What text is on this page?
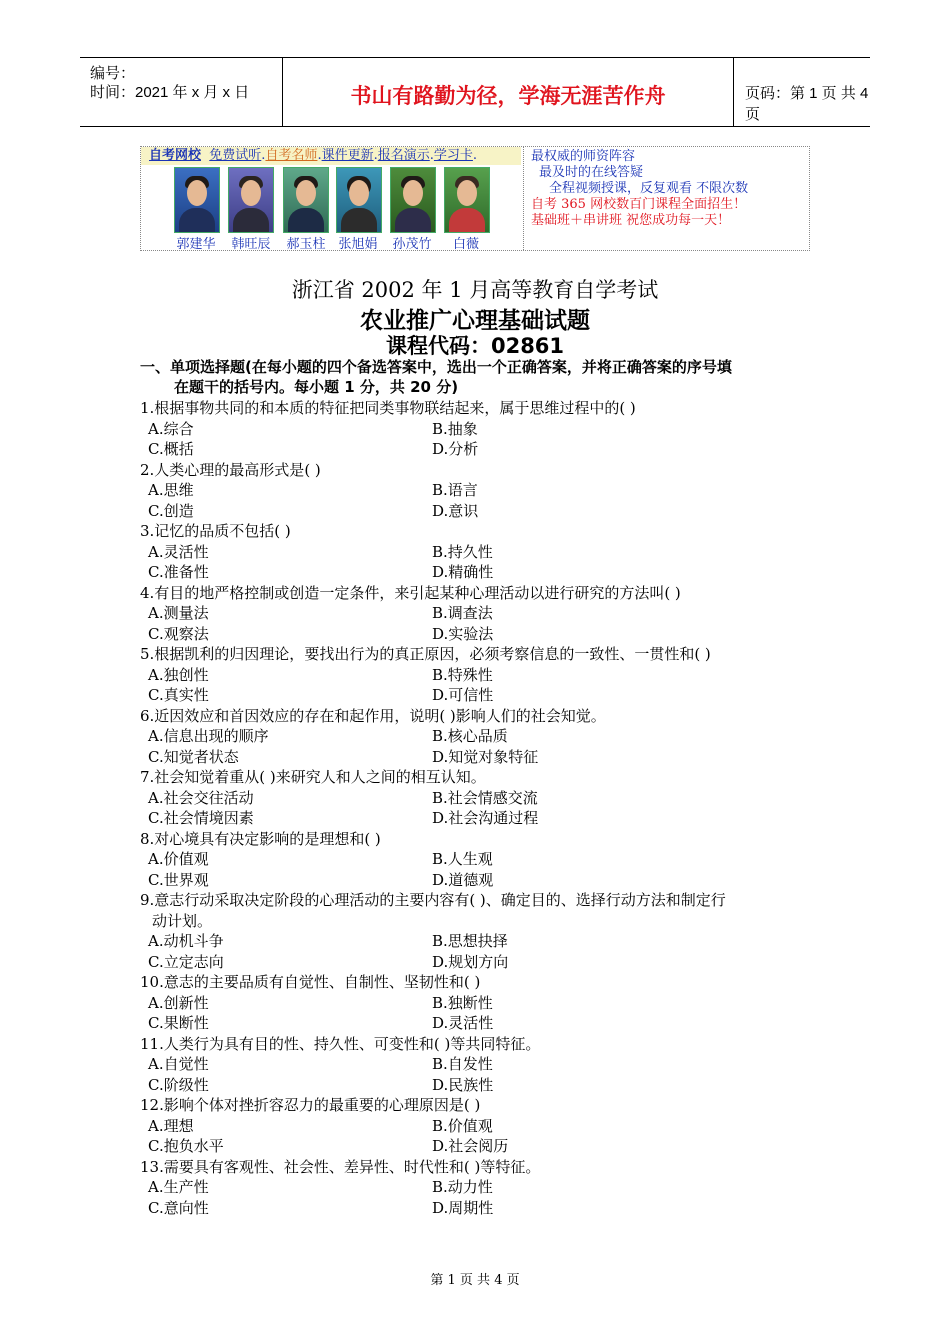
编号：
时间：2021 年 x 月 x 日	书山有路勤为径，学海无涯苦作舟	页码：第 1 页 共 4 页
自考网校 免费试听.自考名师.课件更新.报名演示.学习卡.
郭建华	韩旺辰	郝玉柱 张旭娟	孙茂竹	白薇
最权威的师资阵容
最及时的在线答疑
全程视频授课，反复观看 不限次数
自考 365 网校数百门课程全面招生！
基础班＋串讲班 祝您成功每一天！
浙江省 2002 年 1 月高等教育自学考试
农业推广心理基础试题
课程代码：02861
一、单项选择题(在每小题的四个备选答案中，选出一个正确答案，并将正确答案的序号填
在题干的括号内。每小题 1 分，共 20 分)
1.根据事物共同的和本质的特征把同类事物联结起来，属于思维过程中的( )
A.综合	B.抽象
C.概括	D.分析
2.人类心理的最高形式是( )
A.思维	B.语言
C.创造	D.意识
3.记忆的品质不包括( )
A.灵活性	B.持久性
C.准备性	D.精确性
4.有目的地严格控制或创造一定条件，来引起某种心理活动以进行研究的方法叫( )
A.测量法	B.调查法
C.观察法	D.实验法
5.根据凯利的归因理论，要找出行为的真正原因，必须考察信息的一致性、一贯性和( )
A.独创性	B.特殊性
C.真实性	D.可信性
6.近因效应和首因效应的存在和起作用，说明( )影响人们的社会知觉。
A.信息出现的顺序	B.核心品质
C.知觉者状态	D.知觉对象特征
7.社会知觉着重从( )来研究人和人之间的相互认知。
A.社会交往活动	B.社会情感交流
C.社会情境因素	D.社会沟通过程
8.对心境具有决定影响的是理想和( )
A.价值观	B.人生观
C.世界观	D.道德观
9.意志行动采取决定阶段的心理活动的主要内容有( )、确定目的、选择行动方法和制定行
动计划。
A.动机斗争	B.思想抉择
C.立定志向	D.规划方向
10.意志的主要品质有自觉性、自制性、坚韧性和( )
A.创新性	B.独断性
C.果断性	D.灵活性
11.人类行为具有目的性、持久性、可变性和( )等共同特征。
A.自觉性	B.自发性
C.阶级性	D.民族性
12.影响个体对挫折容忍力的最重要的心理原因是( )
A.理想	B.价值观
C.抱负水平	D.社会阅历
13.需要具有客观性、社会性、差异性、时代性和( )等特征。
A.生产性	B.动力性
C.意向性	D.周期性
第 1 页 共 4 页
